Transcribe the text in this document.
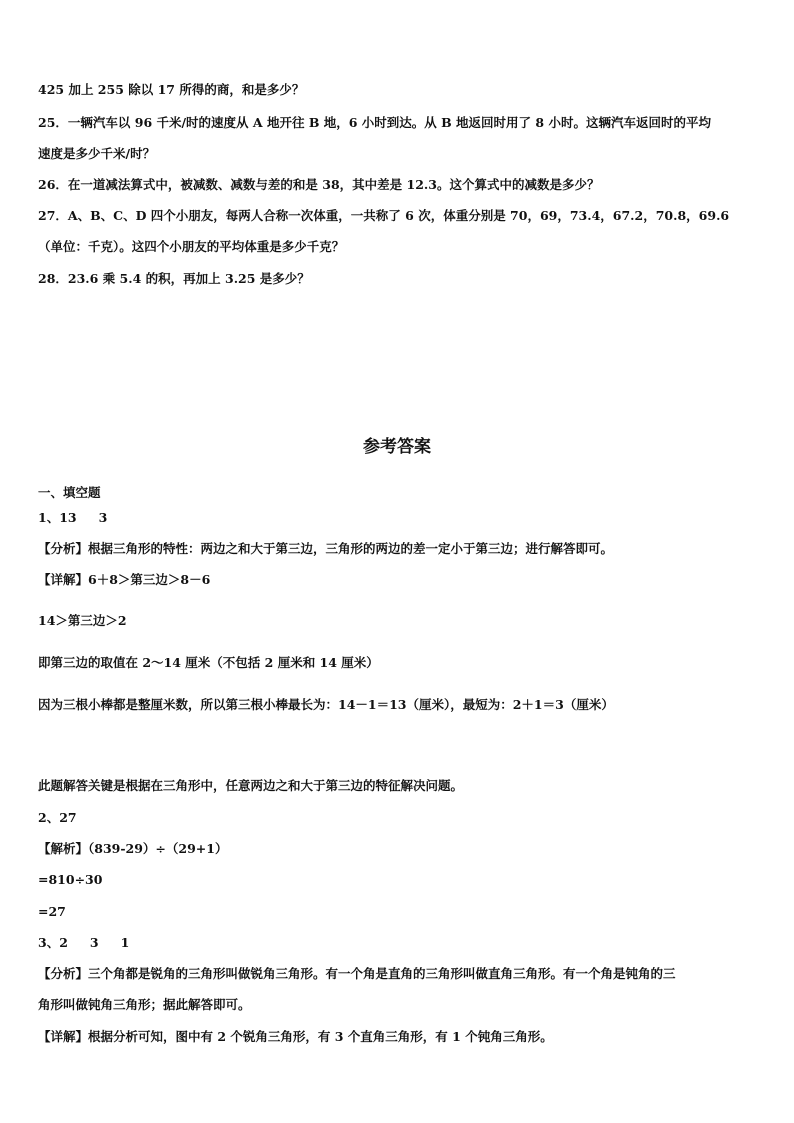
425 加上 255 除以 17 所得的商，和是多少？
25．一辆汽车以 96 千米/时的速度从 A 地开往 B 地，6 小时到达。从 B 地返回时用了 8 小时。这辆汽车返回时的平均
速度是多少千米/时？
26．在一道减法算式中，被减数、减数与差的和是 38，其中差是 12.3。这个算式中的减数是多少？
27．A、B、C、D 四个小朋友，每两人合称一次体重，一共称了 6 次，体重分别是 70，69，73.4，67.2，70.8，69.6
（单位：千克）。这四个小朋友的平均体重是多少千克？
28．23.6 乘 5.4 的积，再加上 3.25 是多少？
参考答案
一、填空题
1、13 3
【分析】根据三角形的特性：两边之和大于第三边，三角形的两边的差一定小于第三边；进行解答即可。
【详解】6＋8＞第三边＞8－6
14＞第三边＞2
即第三边的取值在 2～14 厘米（不包括 2 厘米和 14 厘米）
因为三根小棒都是整厘米数，所以第三根小棒最长为：14－1＝13（厘米），最短为：2＋1＝3（厘米）
此题解答关键是根据在三角形中，任意两边之和大于第三边的特征解决问题。
2、27
【解析】（839-29）÷（29+1）
=810÷30
=27
3、2 3 1
【分析】三个角都是锐角的三角形叫做锐角三角形。有一个角是直角的三角形叫做直角三角形。有一个角是钝角的三
角形叫做钝角三角形；据此解答即可。
【详解】根据分析可知，图中有 2 个锐角三角形，有 3 个直角三角形，有 1 个钝角三角形。
